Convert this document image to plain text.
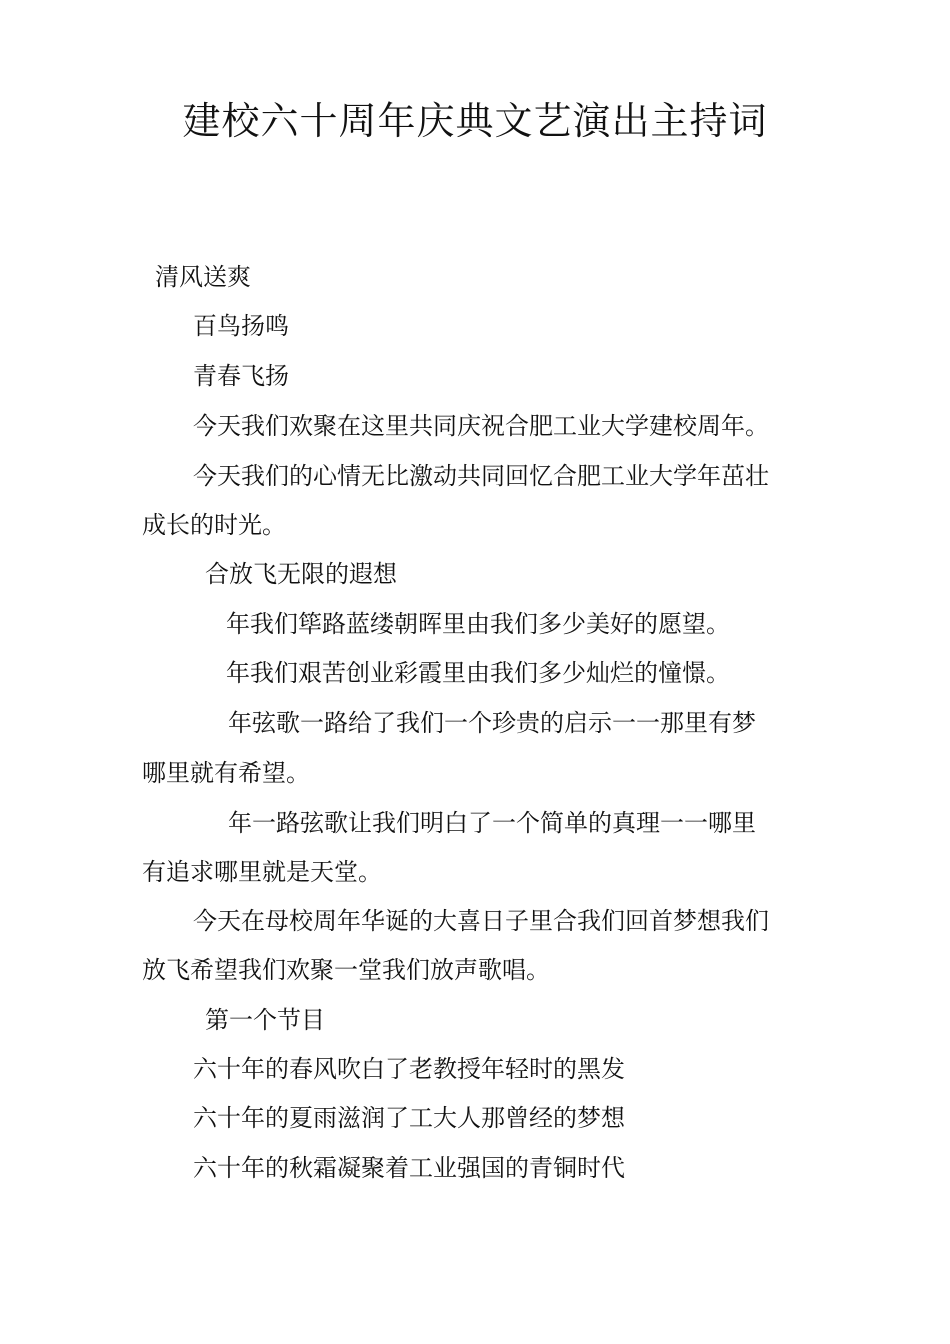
建校六十周年庆典文艺演出主持词
清风送爽
百鸟扬鸣
青春飞扬
今天我们欢聚在这里共同庆祝合肥工业大学建校周年。
今天我们的心情无比激动共同回忆合肥工业大学年茁壮
成长的时光。
合放飞无限的遐想
年我们筚路蓝缕朝晖里由我们多少美好的愿望。
年我们艰苦创业彩霞里由我们多少灿烂的憧憬。
年弦歌一路给了我们一个珍贵的启示一一那里有梦
哪里就有希望。
年一路弦歌让我们明白了一个简单的真理一一哪里
有追求哪里就是天堂。
今天在母校周年华诞的大喜日子里合我们回首梦想我们
放飞希望我们欢聚一堂我们放声歌唱。
第一个节目
六十年的春风吹白了老教授年轻时的黑发
六十年的夏雨滋润了工大人那曾经的梦想
六十年的秋霜凝聚着工业强国的青铜时代
